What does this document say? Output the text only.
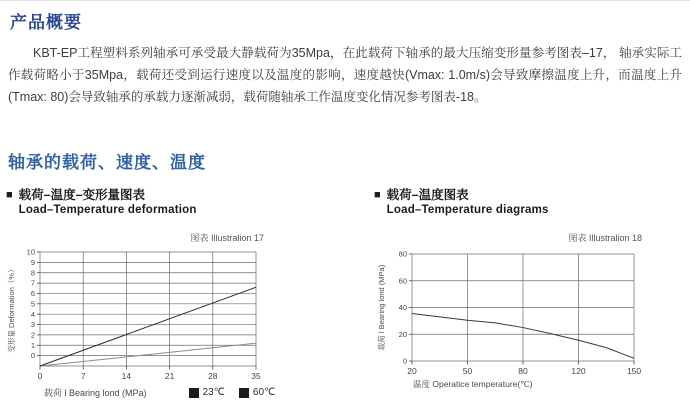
产品概要

KBT-EP工程塑料系列轴承可承受最大静载荷为35Mpa，在此载荷下轴承的最大压缩变形量参考图表–17， 轴承实际工作载荷略小于35Mpa，载荷还受到运行速度以及温度的影响，速度越快(Vmax: 1.0m/s)会导致摩擦温度上升，而温度上升(Tmax: 80)会导致轴承的承载力逐渐减弱，载荷随轴承工作温度变化情况参考图表-18。

轴承的载荷、速度、温度
■ 载荷–温度–变形量图表
Load–Temperature deformation
图表 Illustralion 17
0
1
2
3
4
5
6
7
8
9
10
0	7	14	21	28	35
变形量 Deformation（%）
载荷 l Bearing lond (MPa)	23℃	60℃
■ 载荷–温度图表
Load–Temperature diagrams
图表 Illustralion 18
0
20
40
60
80
20	50	80	120	150
载荷 l Bearing lond (MPa)
温度 Operatice temperature(℃)
